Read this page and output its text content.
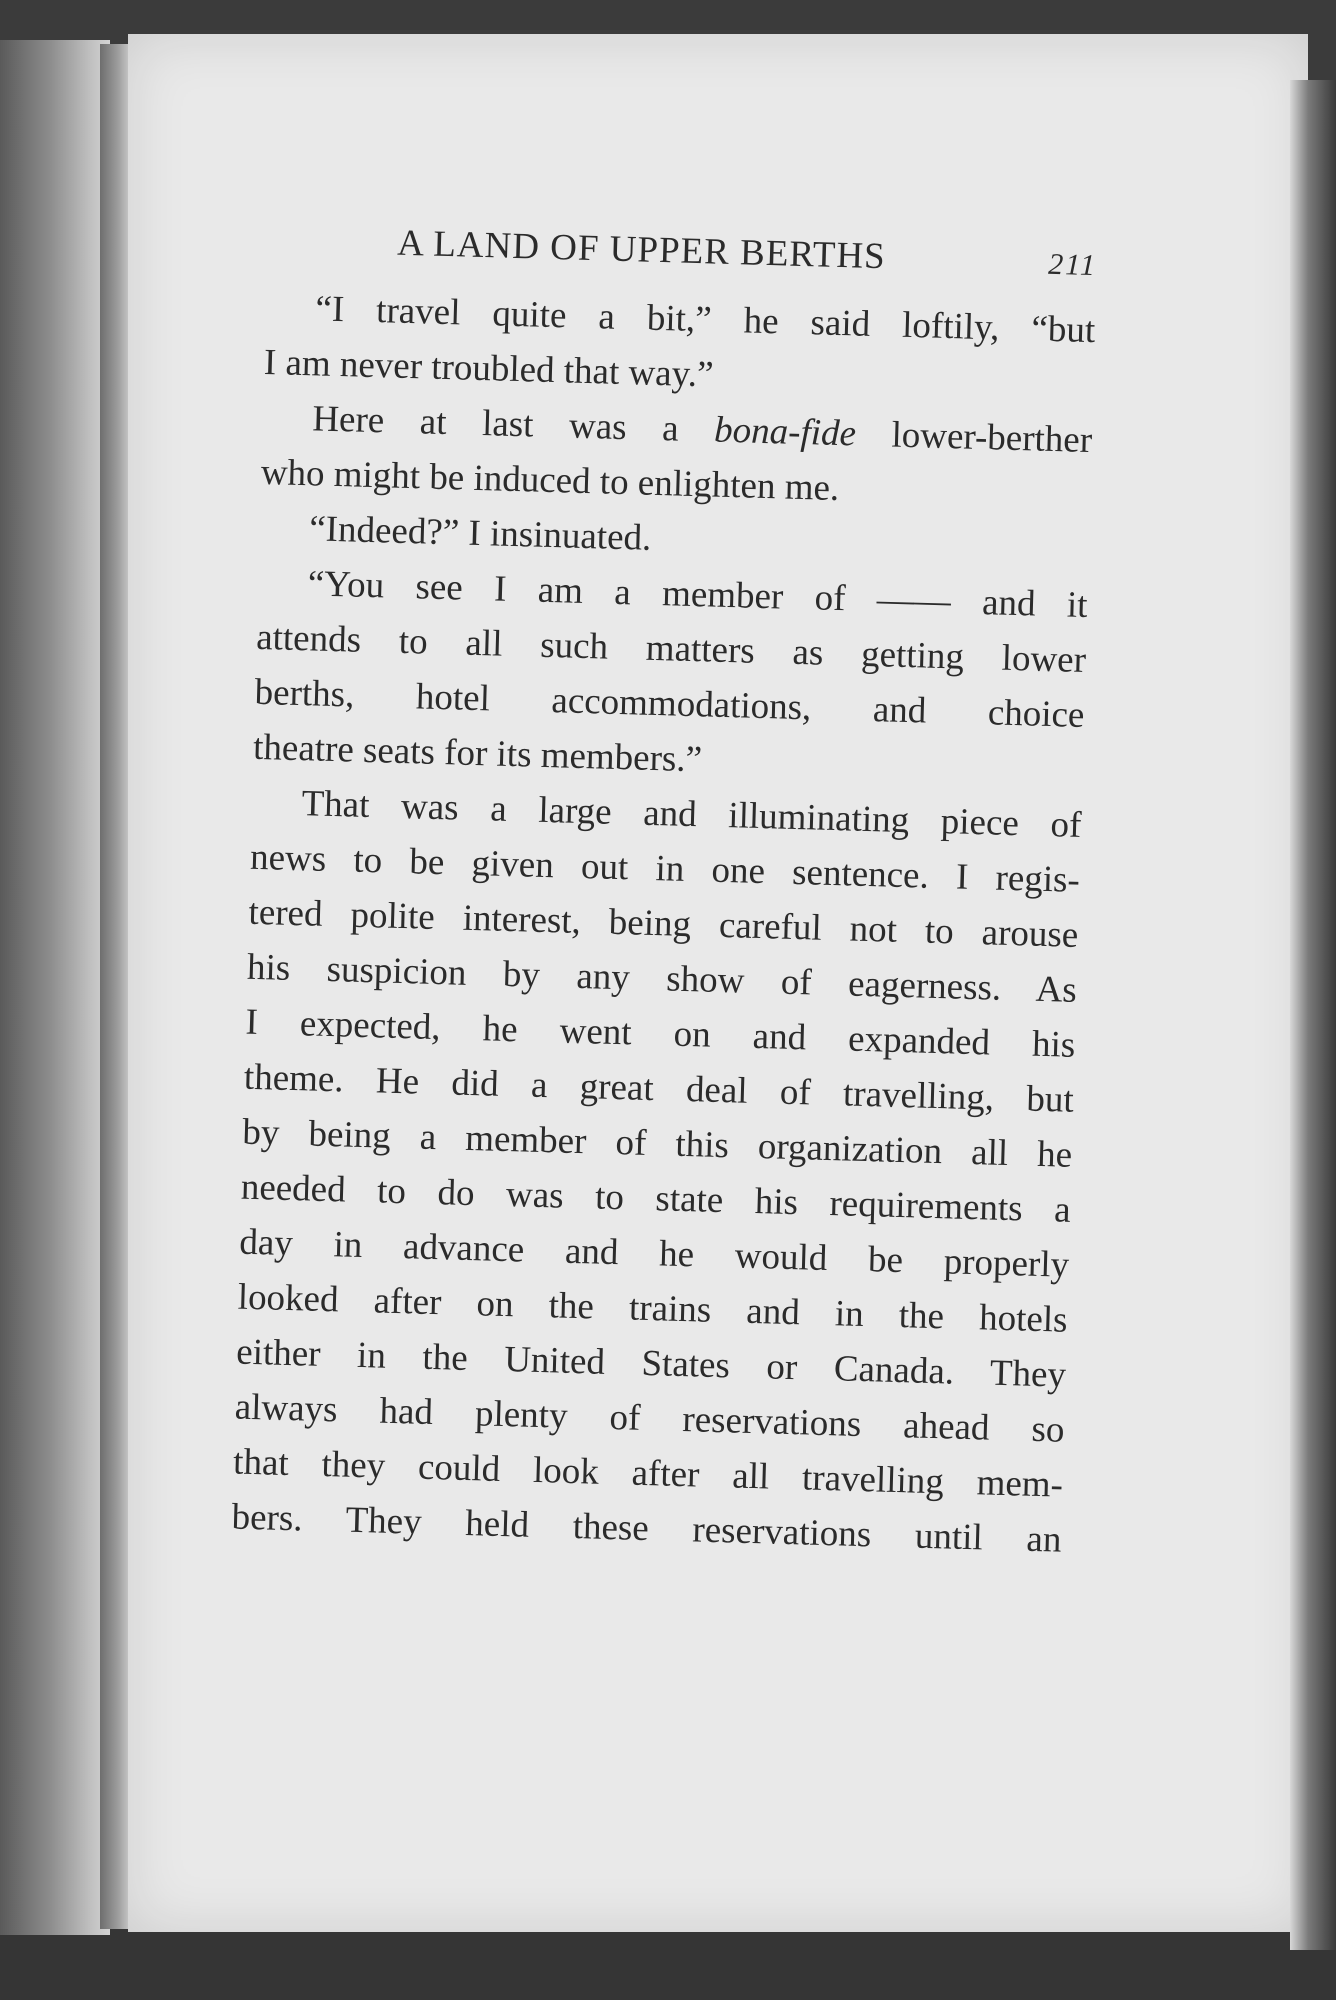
A LAND OF UPPER BERTHS	211
“I travel quite a bit,” he said loftily, “but
I am never troubled that way.”
Here at last was a bona-fide lower-berther
who might be induced to enlighten me.
“Indeed?” I insinuated.
“You see I am a member of —— and it
attends to all such matters as getting lower
berths, hotel accommodations, and choice
theatre seats for its members.”
That was a large and illuminating piece of
news to be given out in one sentence. I regis-
tered polite interest, being careful not to arouse
his suspicion by any show of eagerness. As
I expected, he went on and expanded his
theme. He did a great deal of travelling, but
by being a member of this organization all he
needed to do was to state his requirements a
day in advance and he would be properly
looked after on the trains and in the hotels
either in the United States or Canada. They
always had plenty of reservations ahead so
that they could look after all travelling mem-
bers. They held these reservations until an
